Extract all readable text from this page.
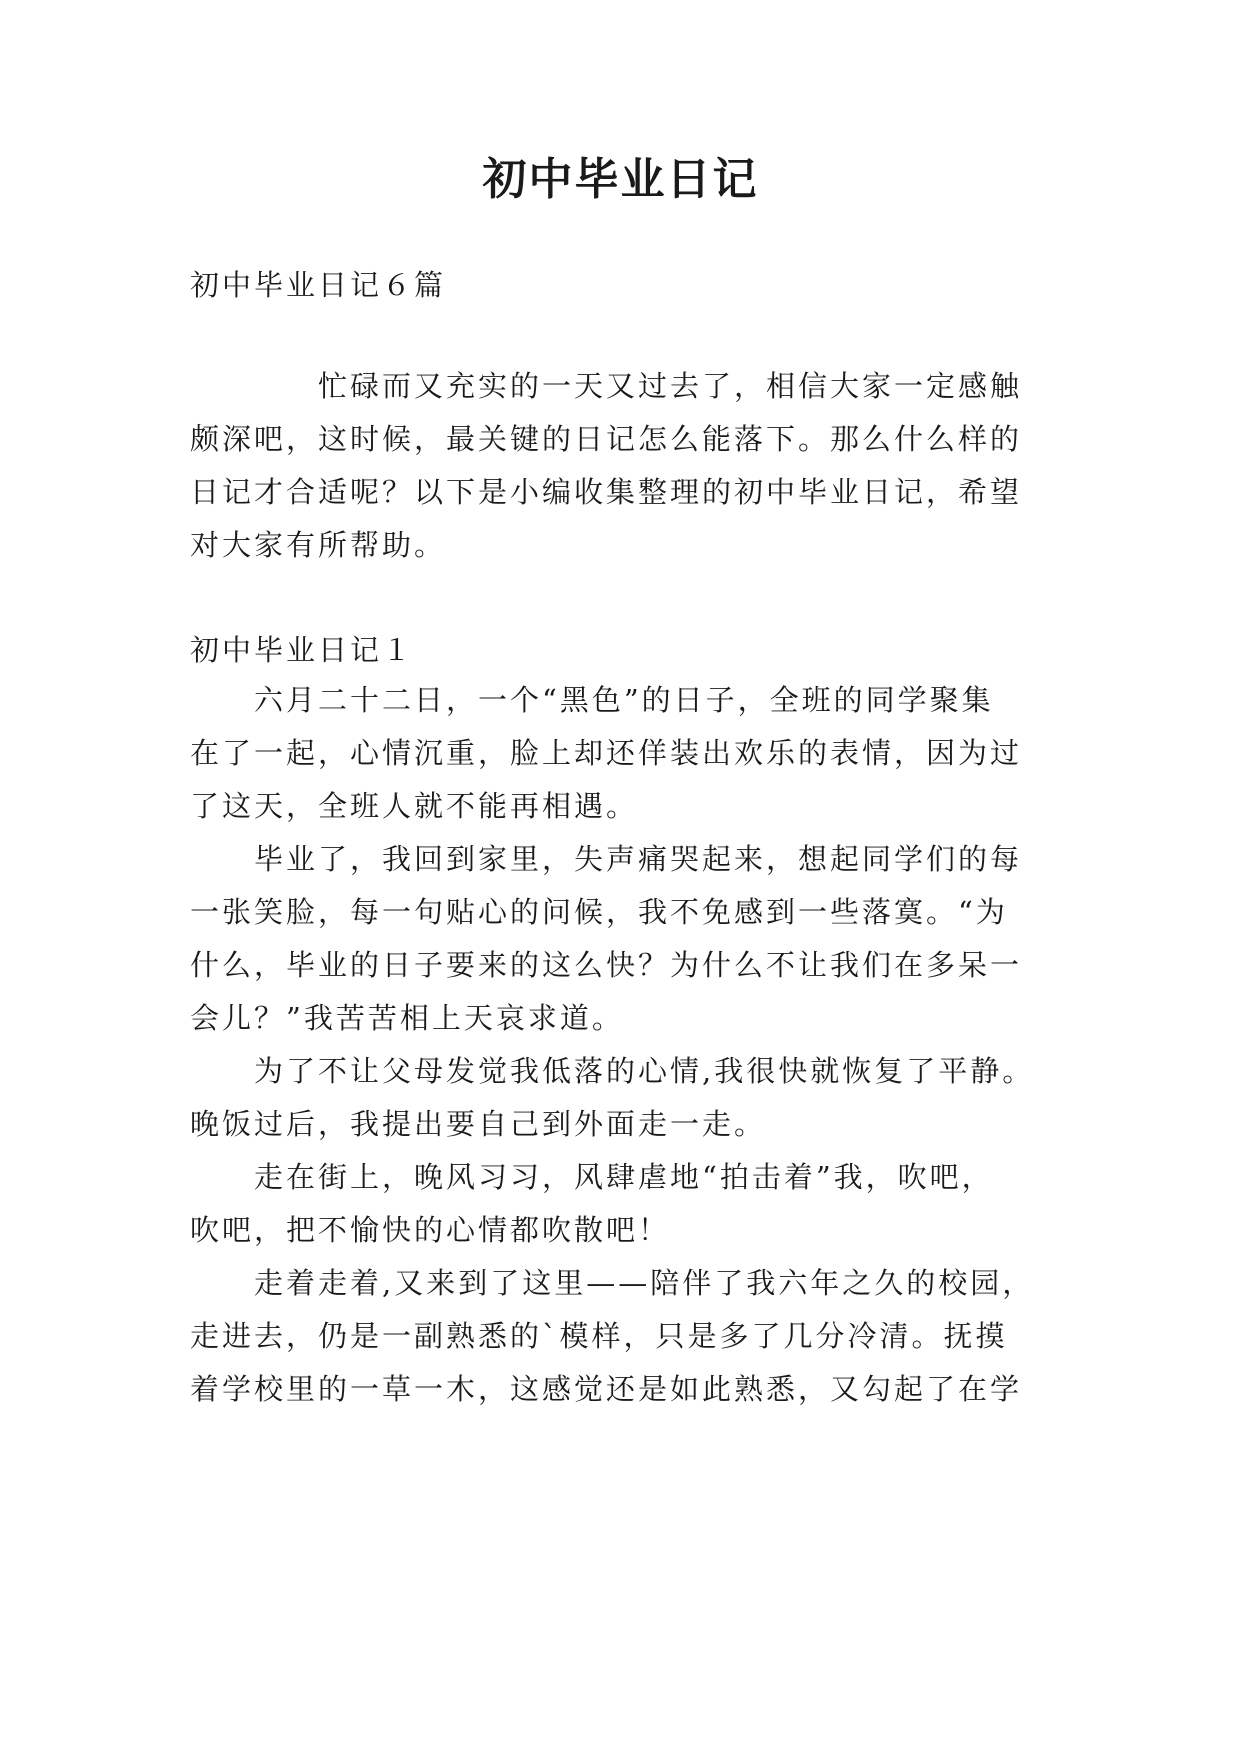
初中毕业日记

初中毕业日记６篇

　　　　忙碌而又充实的一天又过去了，相信大家一定感触
颇深吧，这时候，最关键的日记怎么能落下。那么什么样的
日记才合适呢？以下是小编收集整理的初中毕业日记，希望
对大家有所帮助。
初中毕业日记１
　　六月二十二日，一个“黑色”的日子，全班的同学聚集
在了一起，心情沉重，脸上却还佯装出欢乐的表情，因为过
了这天，全班人就不能再相遇。
　　毕业了，我回到家里，失声痛哭起来，想起同学们的每
一张笑脸，每一句贴心的问候，我不免感到一些落寞。“为
什么，毕业的日子要来的这么快？为什么不让我们在多呆一
会儿？”我苦苦相上天哀求道。
　　为了不让父母发觉我低落的心情,我很快就恢复了平静。
晚饭过后，我提出要自己到外面走一走。
　　走在街上，晚风习习，风肆虐地“拍击着”我，吹吧，
吹吧，把不愉快的心情都吹散吧！
　　走着走着,又来到了这里——陪伴了我六年之久的校园，
走进去，仍是一副熟悉的`模样，只是多了几分冷清。抚摸
着学校里的一草一木，这感觉还是如此熟悉，又勾起了在学
